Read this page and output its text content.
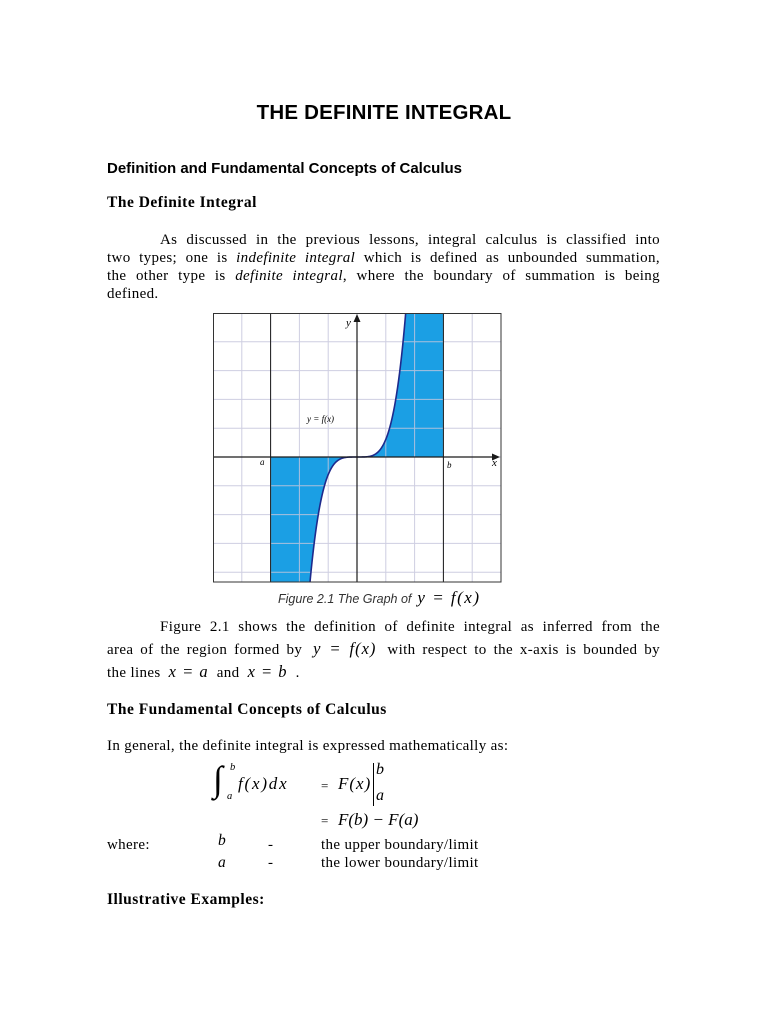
THE DEFINITE INTEGRAL
Definition and Fundamental Concepts of Calculus
The Definite Integral
As discussed in the previous lessons, integral calculus is classified into
two types; one is indefinite integral which is defined as unbounded summation,
the other type is definite integral, where the boundary of summation is being
defined.
y
x
a	b
y = f(x)
Figure 2.1 The Graph of y = f(x)
Figure 2.1 shows the definition of definite integral as inferred from the
area of the region formed by y = f(x) with respect to the x-axis is bounded by
the lines x = a and x = b .
The Fundamental Concepts of Calculus
In general, the definite integral is expressed mathematically as:
∫ b
a
f(x)dx	= F(x)
b
a
= F(b) − F(a)
where:	b	-	the upper boundary/limit
a	-	the lower boundary/limit
Illustrative Examples:
